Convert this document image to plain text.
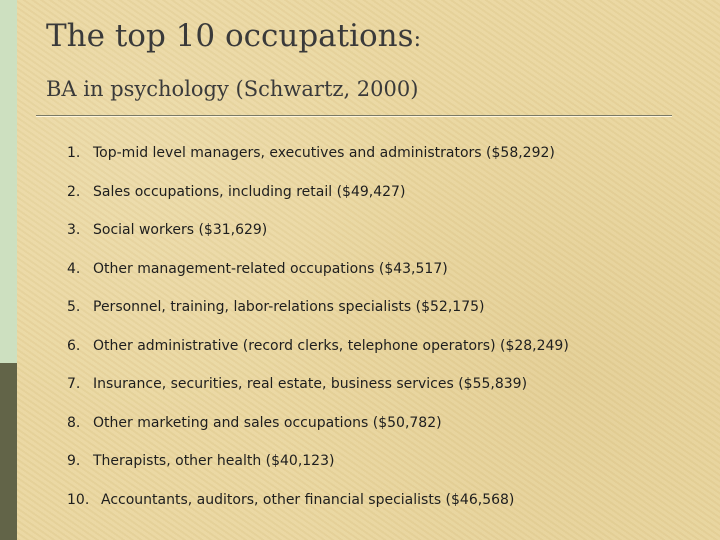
The top 10 occupations:
BA in psychology (Schwartz, 2000)
1. Top-mid level managers, executives and administrators ($58,292)
2. Sales occupations, including retail ($49,427)
3. Social workers ($31,629)
4. Other management-related occupations ($43,517)
5. Personnel, training, labor-relations specialists ($52,175)
6. Other administrative (record clerks, telephone operators) ($28,249)
7. Insurance, securities, real estate, business services ($55,839)
8. Other marketing and sales occupations ($50,782)
9. Therapists, other health ($40,123)
10. Accountants, auditors, other financial specialists ($46,568)
